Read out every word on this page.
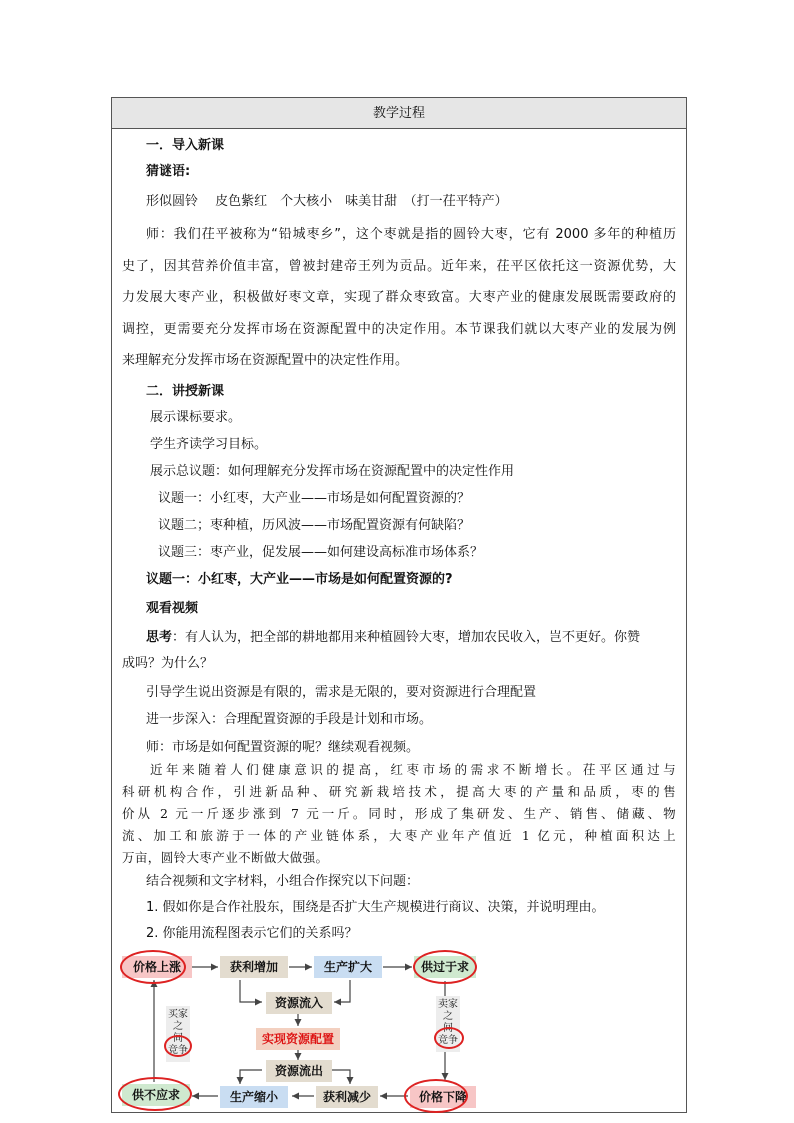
教学过程
一．导入新课
猜谜语:
形似圆铃　 皮色紫红　个大核小　味美甘甜　（打一茌平特产）
师：我们茌平被称为“铅城枣乡”，这个枣就是指的圆铃大枣，它有 2000 多年的种植历
史了，因其营养价值丰富，曾被封建帝王列为贡品。近年来，茌平区依托这一资源优势，大
力发展大枣产业，积极做好枣文章，实现了群众枣致富。大枣产业的健康发展既需要政府的
调控，更需要充分发挥市场在资源配置中的决定作用。本节课我们就以大枣产业的发展为例
来理解充分发挥市场在资源配置中的决定性作用。
二．讲授新课
展示课标要求。
学生齐读学习目标。
展示总议题：如何理解充分发挥市场在资源配置中的决定性作用
议题一：小红枣，大产业——市场是如何配置资源的？
议题二；枣种植，历风波——市场配置资源有何缺陷？
议题三：枣产业，促发展——如何建设高标准市场体系？
议题一：小红枣，大产业——市场是如何配置资源的?
观看视频
思考：有人认为，把全部的耕地都用来种植圆铃大枣，增加农民收入，岂不更好。你赞
成吗？为什么？
引导学生说出资源是有限的，需求是无限的，要对资源进行合理配置
进一步深入：合理配置资源的手段是计划和市场。
师：市场是如何配置资源的呢？继续观看视频。
近年来随着人们健康意识的提高，红枣市场的需求不断增长。茌平区通过与
科研机构合作，引进新品种、研究新栽培技术，提高大枣的产量和品质，枣的售
价从 2 元一斤逐步涨到 7 元一斤。同时，形成了集研发、生产、销售、储藏、物
流、加工和旅游于一体的产业链体系，大枣产业年产值近 1 亿元，种植面积达上
万亩，圆铃大枣产业不断做大做强。
结合视频和文字材料，小组合作探究以下问题：
1. 假如你是合作社股东，围绕是否扩大生产规模进行商议、决策，并说明理由。
2. 你能用流程图表示它们的关系吗？
价格上涨	获利增加	生产扩大	供过于求
资源流入
实现资源配置
资源流出
供不应求	生产缩小	获利减少	价格下降
买家
之
间
竞争
卖家
之
间
竞争
